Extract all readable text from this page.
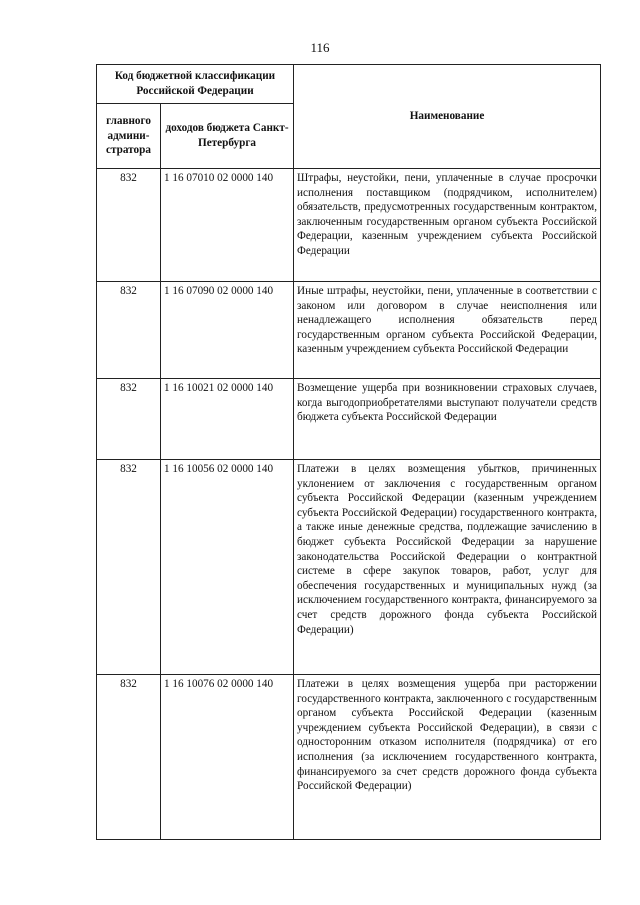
116
Код бюджетной классификации Российской Федерации		Наименование
главного админи-стратора	доходов бюджета Санкт-Петербурга	
832	1 16 07010 02 0000 140	Штрафы, неустойки, пени, уплаченные в случае просрочки исполнения поставщиком (подрядчиком, исполнителем) обязательств, предусмотренных государственным контрактом, заключенным государственным органом субъекта Российской Федерации, казенным учреждением субъекта Российской Федерации
832	1 16 07090 02 0000 140	Иные штрафы, неустойки, пени, уплаченные в соответствии с законом или договором в случае неисполнения или ненадлежащего исполнения обязательств перед государственным органом субъекта Российской Федерации, казенным учреждением субъекта Российской Федерации
832	1 16 10021 02 0000 140	Возмещение ущерба при возникновении страховых случаев, когда выгодоприобретателями выступают получатели средств бюджета субъекта Российской Федерации
832	1 16 10056 02 0000 140	Платежи в целях возмещения убытков, причиненных уклонением от заключения с государственным органом субъекта Российской Федерации (казенным учреждением субъекта Российской Федерации) государственного контракта, а также иные денежные средства, подлежащие зачислению в бюджет субъекта Российской Федерации за нарушение законодательства Российской Федерации о контрактной системе в сфере закупок товаров, работ, услуг для обеспечения государственных и муниципальных нужд (за исключением государственного контракта, финансируемого за счет средств дорожного фонда субъекта Российской Федерации)
832	1 16 10076 02 0000 140	Платежи в целях возмещения ущерба при расторжении государственного контракта, заключенного с государственным органом субъекта Российской Федерации (казенным учреждением субъекта Российской Федерации), в связи с односторонним отказом исполнителя (подрядчика) от его исполнения (за исключением государственного контракта, финансируемого за счет средств дорожного фонда субъекта Российской Федерации)
